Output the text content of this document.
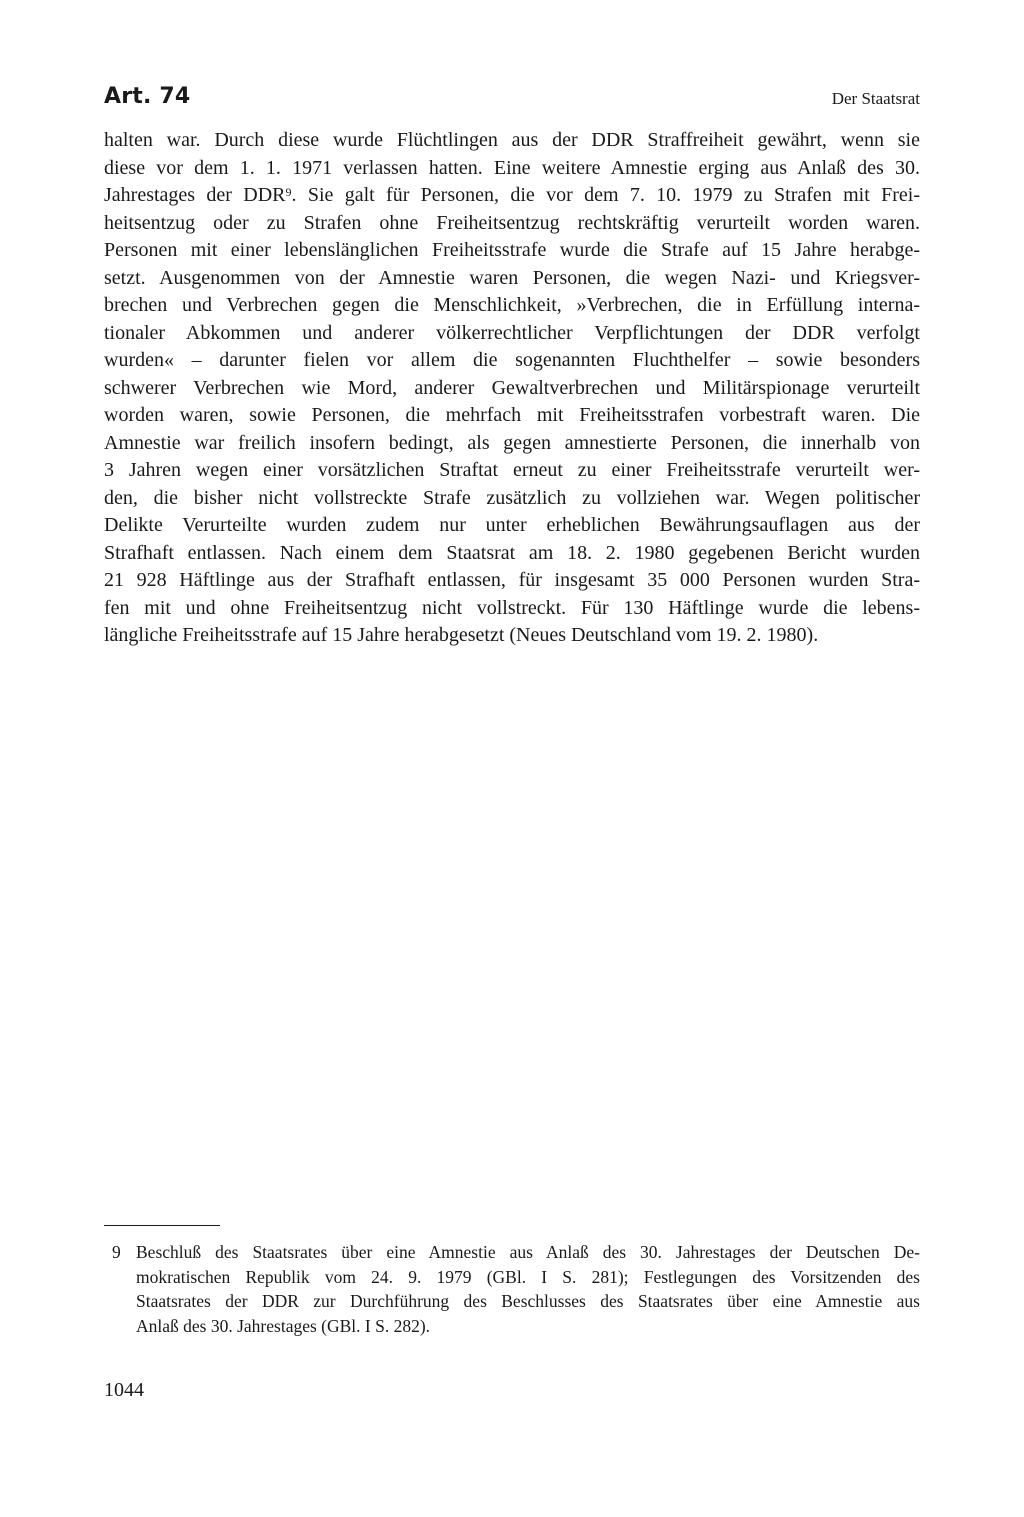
Art. 74	Der Staatsrat
halten war. Durch diese wurde Flüchtlingen aus der DDR Straffreiheit gewährt, wenn sie
diese vor dem 1. 1. 1971 verlassen hatten. Eine weitere Amnestie erging aus Anlaß des 30.
Jahrestages der DDR$^9$. Sie galt für Personen, die vor dem 7. 10. 1979 zu Strafen mit Frei-
heitsentzug oder zu Strafen ohne Freiheitsentzug rechtskräftig verurteilt worden waren.
Personen mit einer lebenslänglichen Freiheitsstrafe wurde die Strafe auf 15 Jahre herabge-
setzt. Ausgenommen von der Amnestie waren Personen, die wegen Nazi- und Kriegsver-
brechen und Verbrechen gegen die Menschlichkeit, »Verbrechen, die in Erfüllung interna-
tionaler Abkommen und anderer völkerrechtlicher Verpflichtungen der DDR verfolgt
wurden« – darunter fielen vor allem die sogenannten Fluchthelfer – sowie besonders
schwerer Verbrechen wie Mord, anderer Gewaltverbrechen und Militärspionage verurteilt
worden waren, sowie Personen, die mehrfach mit Freiheitsstrafen vorbestraft waren. Die
Amnestie war freilich insofern bedingt, als gegen amnestierte Personen, die innerhalb von
3 Jahren wegen einer vorsätzlichen Straftat erneut zu einer Freiheitsstrafe verurteilt wer-
den, die bisher nicht vollstreckte Strafe zusätzlich zu vollziehen war. Wegen politischer
Delikte Verurteilte wurden zudem nur unter erheblichen Bewährungsauflagen aus der
Strafhaft entlassen. Nach einem dem Staatsrat am 18. 2. 1980 gegebenen Bericht wurden
21 928 Häftlinge aus der Strafhaft entlassen, für insgesamt 35 000 Personen wurden Stra-
fen mit und ohne Freiheitsentzug nicht vollstreckt. Für 130 Häftlinge wurde die lebens-
längliche Freiheitsstrafe auf 15 Jahre herabgesetzt (Neues Deutschland vom 19. 2. 1980).
9 Beschluß des Staatsrates über eine Amnestie aus Anlaß des 30. Jahrestages der Deutschen De-
mokratischen Republik vom 24. 9. 1979 (GBl. I S. 281); Festlegungen des Vorsitzenden des
Staatsrates der DDR zur Durchführung des Beschlusses des Staatsrates über eine Amnestie aus
Anlaß des 30. Jahrestages (GBl. I S. 282).
1044
